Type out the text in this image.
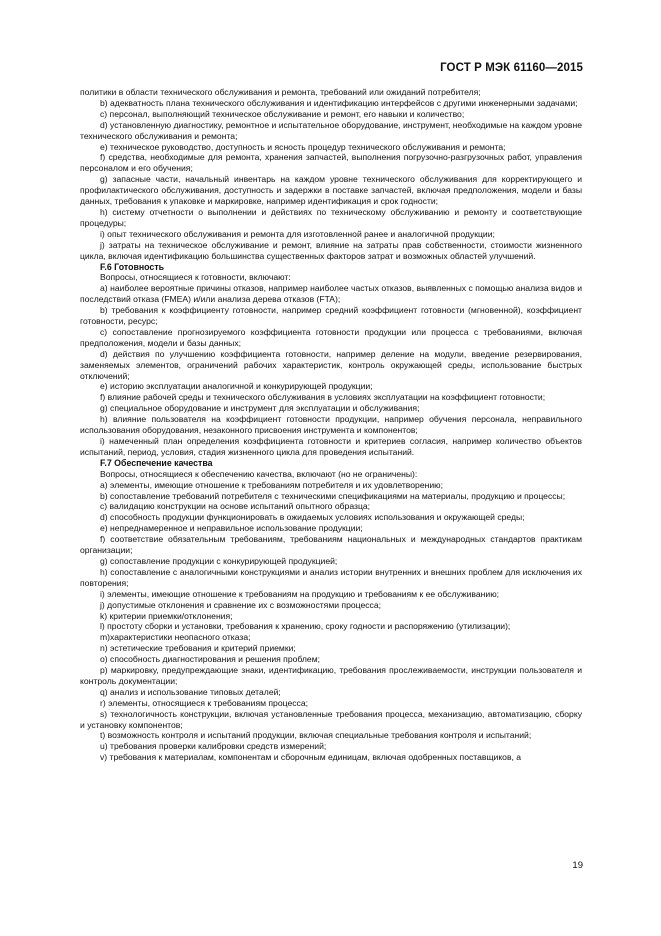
ГОСТ Р МЭК 61160—2015

политики в области технического обслуживания и ремонта, требований или ожиданий потребителя;

b) адекватность плана технического обслуживания и идентификацию интерфейсов с другими инженерными задачами;

c) персонал, выполняющий техническое обслуживание и ремонт, его навыки и количество;

d) установленную диагностику, ремонтное и испытательное оборудование, инструмент, необходимые на каждом уровне технического обслуживания и ремонта;

e) техническое руководство, доступность и ясность процедур технического обслуживания и ремонта;

f) средства, необходимые для ремонта, хранения запчастей, выполнения погрузочно-разгрузочных работ, управления персоналом и его обучения;

g) запасные части, начальный инвентарь на каждом уровне технического обслуживания для корректирующего и профилактического обслуживания, доступность и задержки в поставке запчастей, включая предположения, модели и базы данных, требования к упаковке и маркировке, например идентификация и срок годности;

h) систему отчетности о выполнении и действиях по техническому обслуживанию и ремонту и соответствующие процедуры;

i) опыт технического обслуживания и ремонта для изготовленной ранее и аналогичной продукции;

j) затраты на техническое обслуживание и ремонт, влияние на затраты прав собственности, стоимости жизненного цикла, включая идентификацию большинства существенных факторов затрат и возможных областей улучшений.

F.6 Готовность

Вопросы, относящиеся к готовности, включают:

a) наиболее вероятные причины отказов, например наиболее частых отказов, выявленных с помощью анализа видов и последствий отказа (FMEA) и/или анализа дерева отказов (FTA);

b) требования к коэффициенту готовности, например средний коэффициент готовности (мгновенной), коэффициент готовности, ресурс;

c) сопоставление прогнозируемого коэффициента готовности продукции или процесса с требованиями, включая предположения, модели и базы данных;

d) действия по улучшению коэффициента готовности, например деление на модули, введение резервирования, заменяемых элементов, ограничений рабочих характеристик, контроль окружающей среды, использование быстрых отключений;

e) историю эксплуатации аналогичной и конкурирующей продукции;

f) влияние рабочей среды и технического обслуживания в условиях эксплуатации на коэффициент готовности;

g) специальное оборудование и инструмент для эксплуатации и обслуживания;

h) влияние пользователя на коэффициент готовности продукции, например обучения персонала, неправильного использования оборудования, незаконного присвоения инструмента и компонентов;

i) намеченный план определения коэффициента готовности и критериев согласия, например количество объектов испытаний, период, условия, стадия жизненного цикла для проведения испытаний.

F.7 Обеспечение качества

Вопросы, относящиеся к обеспечению качества, включают (но не ограничены):

a) элементы, имеющие отношение к требованиям потребителя и их удовлетворению;

b) сопоставление требований потребителя с техническими спецификациями на материалы, продукцию и процессы;

c) валидацию конструкции на основе испытаний опытного образца;

d) способность продукции функционировать в ожидаемых условиях использования и окружающей среды;

e) непреднамеренное и неправильное использование продукции;

f) соответствие обязательным требованиям, требованиям национальных и международных стандартов практикам организации;

g) сопоставление продукции с конкурирующей продукцией;

h) сопоставление с аналогичными конструкциями и анализ истории внутренних и внешних проблем для исключения их повторения;

i) элементы, имеющие отношение к требованиям на продукцию и требованиям к ее обслуживанию;

j) допустимые отклонения и сравнение их с возможностями процесса;

k) критерии приемки/отклонения;

l) простоту сборки и установки, требования к хранению, сроку годности и распоряжению (утилизации);

m)характеристики неопасного отказа;

n) эстетические требования и критерий приемки;

o) способность диагностирования и решения проблем;

p) маркировку, предупреждающие знаки, идентификацию, требования прослеживаемости, инструкции пользователя и контроль документации;

q) анализ и использование типовых деталей;

r) элементы, относящиеся к требованиям процесса;

s) технологичность конструкции, включая установленные требования процесса, механизацию, автоматизацию, сборку и установку компонентов;

t) возможность контроля и испытаний продукции, включая специальные требования контроля и испытаний;

u) требования проверки калибровки средств измерений;

v) требования к материалам, компонентам и сборочным единицам, включая одобренных поставщиков, а

19
